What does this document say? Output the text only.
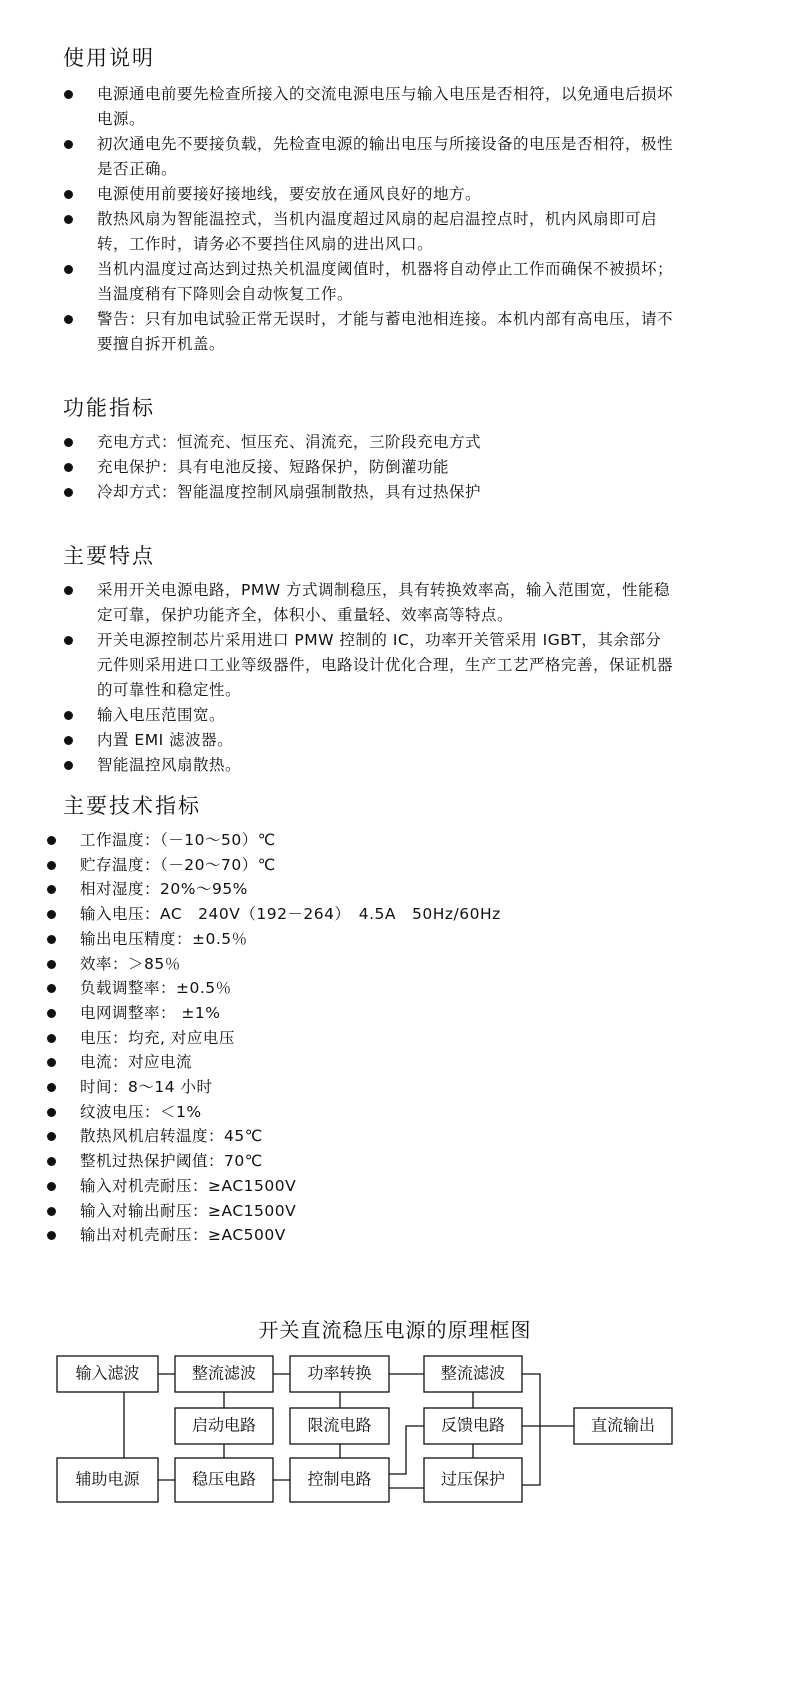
使用说明
电源通电前要先检查所接入的交流电源电压与输入电压是否相符，以免通电后损坏电源。
初次通电先不要接负载，先检查电源的输出电压与所接设备的电压是否相符，极性是否正确。
电源使用前要接好接地线，要安放在通风良好的地方。
散热风扇为智能温控式，当机内温度超过风扇的起启温控点时，机内风扇即可启转，工作时，请务必不要挡住风扇的进出风口。
当机内温度过高达到过热关机温度阈值时，机器将自动停止工作而确保不被损坏；当温度稍有下降则会自动恢复工作。
警告：只有加电试验正常无误时，才能与蓄电池相连接。本机内部有高电压，请不要擅自拆开机盖。
功能指标
充电方式：恒流充、恒压充、涓流充，三阶段充电方式
充电保护：具有电池反接、短路保护，防倒灌功能
冷却方式：智能温度控制风扇强制散热，具有过热保护
主要特点
采用开关电源电路，PMW 方式调制稳压，具有转换效率高，输入范围宽，性能稳定可靠，保护功能齐全，体积小、重量轻、效率高等特点。
开关电源控制芯片采用进口 PMW 控制的 IC，功率开关管采用 IGBT，其余部分元件则采用进口工业等级器件，电路设计优化合理，生产工艺严格完善，保证机器的可靠性和稳定性。
输入电压范围宽。
内置 EMI 滤波器。
智能温控风扇散热。
主要技术指标
工作温度：（－10～50）℃
贮存温度：（－20～70）℃
相对湿度：20%～95%
输入电压：AC　240V（192－264）　4.5A　50Hz/60Hz
输出电压精度：±0.5％
效率：＞85％
负载调整率：±0.5％
电网调整率： ±1%
电压：均充, 对应电压
电流：对应电流
时间：8～14 小时
纹波电压：＜1%
散热风机启转温度：45℃
整机过热保护阈值：70℃
输入对机壳耐压：≥AC1500V
输入对输出耐压：≥AC1500V
输出对机壳耐压：≥AC500V
开关直流稳压电源的原理框图
输入滤波	整流滤波	功率转换	整流滤波
启动电路	限流电路	反馈电路	直流输出
辅助电源	稳压电路	控制电路	过压保护
